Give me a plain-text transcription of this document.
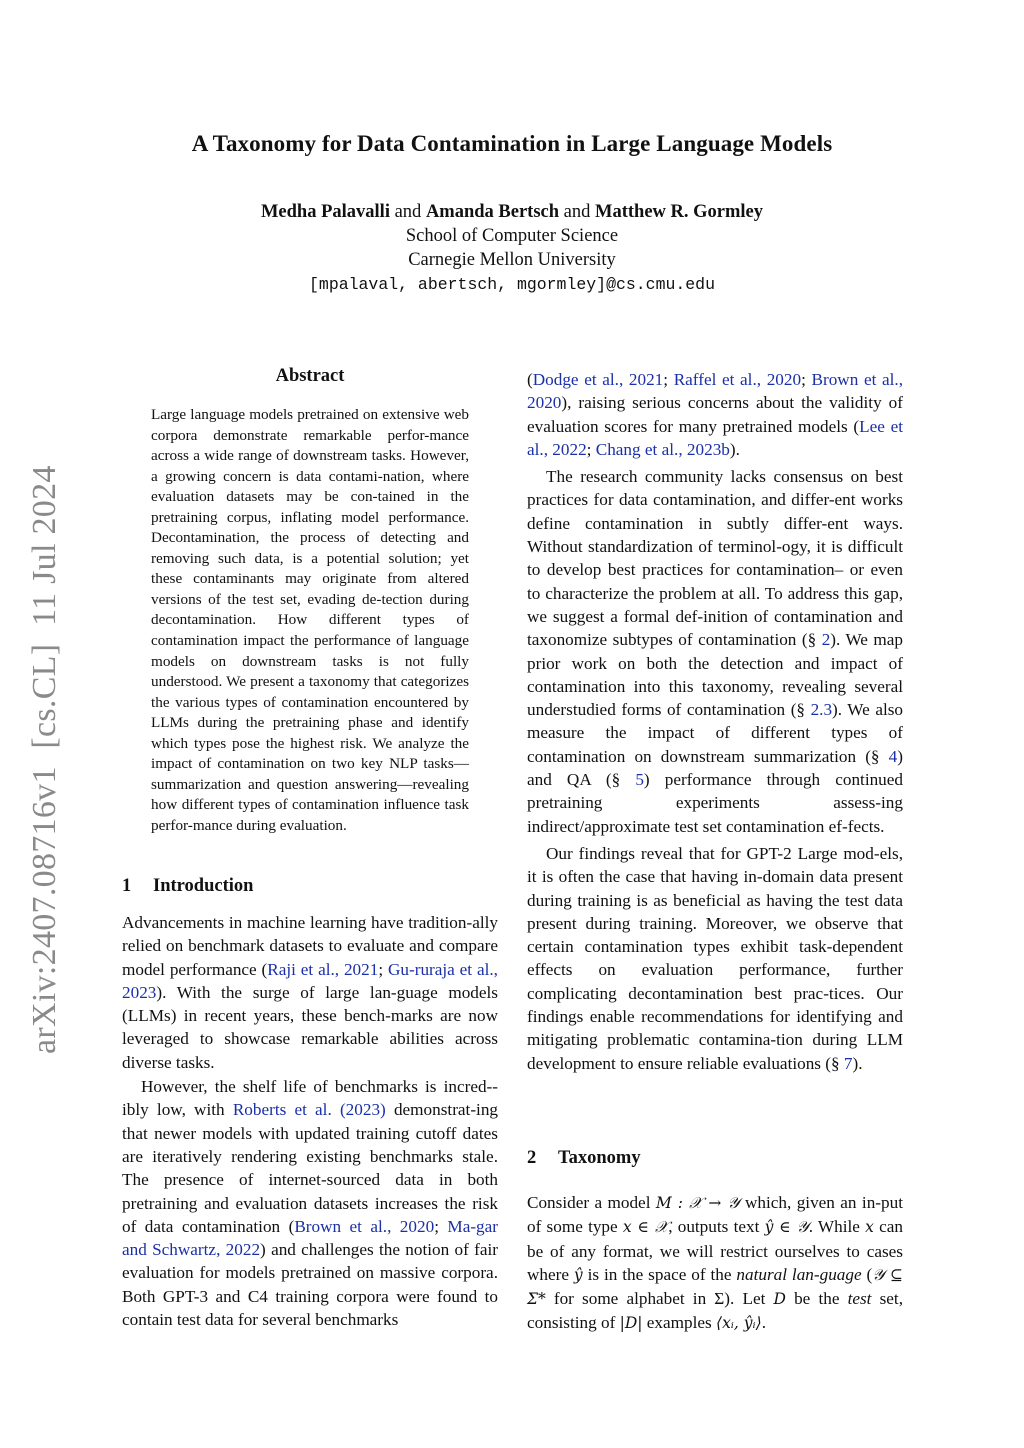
A Taxonomy for Data Contamination in Large Language Models
Medha Palavalli and Amanda Bertsch and Matthew R. Gormley
School of Computer Science
Carnegie Mellon University
[mpalaval, abertsch, mgormley]@cs.cmu.edu
arXiv:2407.08716v1  [cs.CL]  11 Jul 2024
Abstract
Large language models pretrained on extensive web corpora demonstrate remarkable perfor-mance across a wide range of downstream tasks. However, a growing concern is data contami-nation, where evaluation datasets may be con-tained in the pretraining corpus, inflating model performance. Decontamination, the process of detecting and removing such data, is a potential solution; yet these contaminants may originate from altered versions of the test set, evading de-tection during decontamination. How different types of contamination impact the performance of language models on downstream tasks is not fully understood. We present a taxonomy that categorizes the various types of contamination encountered by LLMs during the pretraining phase and identify which types pose the highest risk. We analyze the impact of contamination on two key NLP tasks—summarization and question answering—revealing how different types of contamination influence task perfor-mance during evaluation.
1 Introduction

Advancements in machine learning have tradition-ally relied on benchmark datasets to evaluate and compare model performance (Raji et al., 2021; Gu-ruraja et al., 2023). With the surge of large lan-guage models (LLMs) in recent years, these bench-marks are now leveraged to showcase remarkable abilities across diverse tasks.

However, the shelf life of benchmarks is incred-ibly low, with Roberts et al. (2023) demonstrat-ing that newer models with updated training cutoff dates are iteratively rendering existing benchmarks stale. The presence of internet-sourced data in both pretraining and evaluation datasets increases the risk of data contamination (Brown et al., 2020; Ma-gar and Schwartz, 2022) and challenges the notion of fair evaluation for models pretrained on massive corpora. Both GPT-3 and C4 training corpora were found to contain test data for several benchmarks

(Dodge et al., 2021; Raffel et al., 2020; Brown et al., 2020), raising serious concerns about the validity of evaluation scores for many pretrained models (Lee et al., 2022; Chang et al., 2023b).

The research community lacks consensus on best practices for data contamination, and differ-ent works define contamination in subtly differ-ent ways. Without standardization of terminol-ogy, it is difficult to develop best practices for contamination– or even to characterize the problem at all. To address this gap, we suggest a formal def-inition of contamination and taxonomize subtypes of contamination (§ 2). We map prior work on both the detection and impact of contamination into this taxonomy, revealing several understudied forms of contamination (§ 2.3). We also measure the impact of different types of contamination on downstream summarization (§ 4) and QA (§ 5) performance through continued pretraining experiments assess-ing indirect/approximate test set contamination ef-fects.

Our findings reveal that for GPT-2 Large mod-els, it is often the case that having in-domain data present during training is as beneficial as having the test data present during training. Moreover, we observe that certain contamination types exhibit task-dependent effects on evaluation performance, further complicating decontamination best prac-tices. Our findings enable recommendations for identifying and mitigating problematic contamina-tion during LLM development to ensure reliable evaluations (§ 7).

2 Taxonomy

Consider a model M : 𝒳 → 𝒴 which, given an in-put of some type x ∈ 𝒳, outputs text ŷ ∈ 𝒴. While x can be of any format, we will restrict ourselves to cases where ŷ is in the space of the natural lan-guage (𝒴 ⊆ Σ* for some alphabet in Σ). Let D be the test set, consisting of |D| examples ⟨xᵢ, ŷᵢ⟩.
